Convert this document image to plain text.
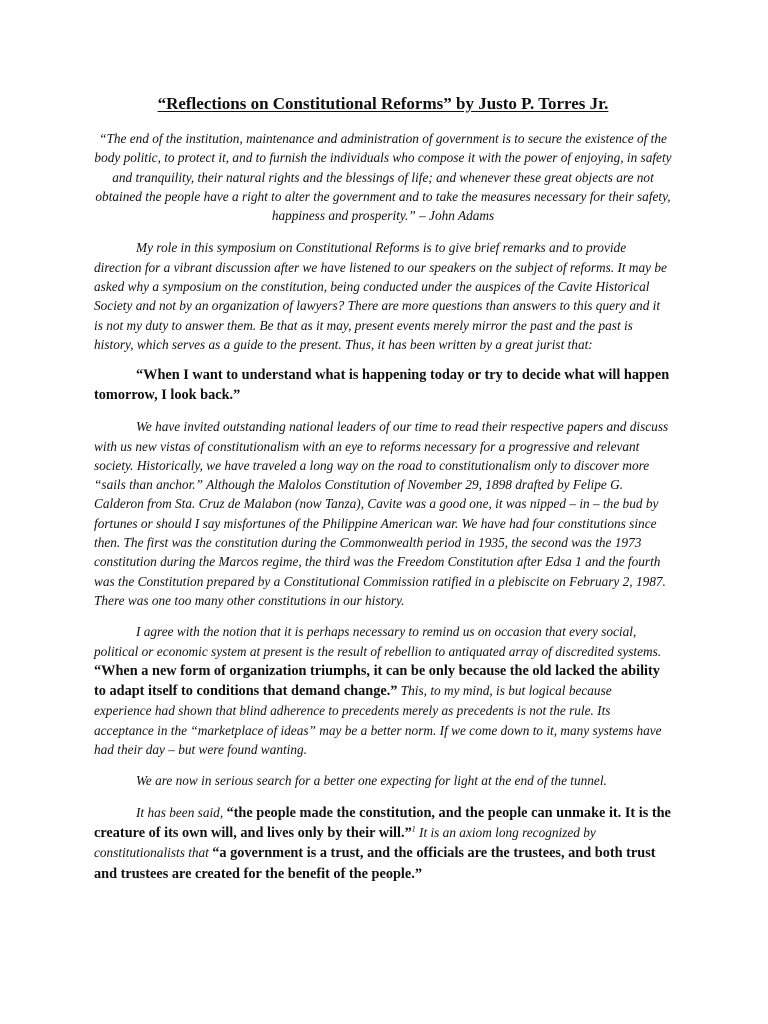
“Reflections on Constitutional Reforms” by Justo P. Torres Jr.
“The end of the institution, maintenance and administration of government is to secure the existence of the body politic, to protect it, and to furnish the individuals who compose it with the power of enjoying, in safety and tranquility, their natural rights and the blessings of life; and whenever these great objects are not obtained the people have a right to alter the government and to take the measures necessary for their safety, happiness and prosperity.” – John Adams

My role in this symposium on Constitutional Reforms is to give brief remarks and to provide direction for a vibrant discussion after we have listened to our speakers on the subject of reforms. It may be asked why a symposium on the constitution, being conducted under the auspices of the Cavite Historical Society and not by an organization of lawyers? There are more questions than answers to this query and it is not my duty to answer them. Be that as it may, present events merely mirror the past and the past is history, which serves as a guide to the present. Thus, it has been written by a great jurist that:

“When I want to understand what is happening today or try to decide what will happen tomorrow, I look back.”

We have invited outstanding national leaders of our time to read their respective papers and discuss with us new vistas of constitutionalism with an eye to reforms necessary for a progressive and relevant society. Historically, we have traveled a long way on the road to constitutionalism only to discover more “sails than anchor.” Although the Malolos Constitution of November 29, 1898 drafted by Felipe G. Calderon from Sta. Cruz de Malabon (now Tanza), Cavite was a good one, it was nipped – in – the bud by fortunes or should I say misfortunes of the Philippine American war. We have had four constitutions since then. The first was the constitution during the Commonwealth period in 1935, the second was the 1973 constitution during the Marcos regime, the third was the Freedom Constitution after Edsa 1 and the fourth was the Constitution prepared by a Constitutional Commission ratified in a plebiscite on February 2, 1987. There was one too many other constitutions in our history.

I agree with the notion that it is perhaps necessary to remind us on occasion that every social, political or economic system at present is the result of rebellion to antiquated array of discredited systems. “When a new form of organization triumphs, it can be only because the old lacked the ability to adapt itself to conditions that demand change.” This, to my mind, is but logical because experience had shown that blind adherence to precedents merely as precedents is not the rule. Its acceptance in the “marketplace of ideas” may be a better norm. If we come down to it, many systems have had their day – but were found wanting.

We are now in serious search for a better one expecting for light at the end of the tunnel.

It has been said, “the people made the constitution, and the people can unmake it. It is the creature of its own will, and lives only by their will.”$^1$ It is an axiom long recognized by constitutionalists that “a government is a trust, and the officials are the trustees, and both trust and trustees are created for the benefit of the people.”
